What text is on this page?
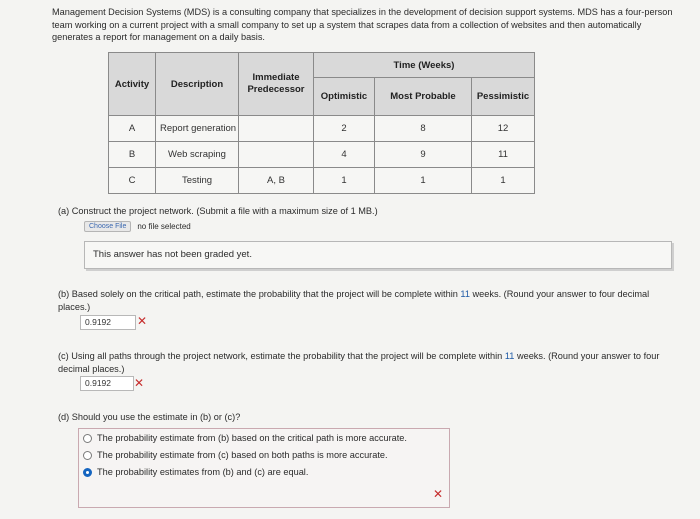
Management Decision Systems (MDS) is a consulting company that specializes in the development of decision support systems. MDS has a four-person team working on a current project with a small company to set up a system that scrapes data from a collection of websites and then automatically generates a report for management on a daily basis.
Activity	Description	Immediate Predecessor	Time (Weeks)		
			Optimistic	Most Probable	Pessimistic
A	Report generation		2	8	12
B	Web scraping		4	9	11
C	Testing	A, B	1	1	1
(a) Construct the project network. (Submit a file with a maximum size of 1 MB.)
Choose File	no file selected
This answer has not been graded yet.
(b) Based solely on the critical path, estimate the probability that the project will be complete within 11 weeks. (Round your answer to four decimal places.)
0.9192	✕
(c) Using all paths through the project network, estimate the probability that the project will be complete within 11 weeks. (Round your answer to four decimal places.)
0.9192	✕
(d) Should you use the estimate in (b) or (c)?
The probability estimate from (b) based on the critical path is more accurate.
The probability estimate from (c) based on both paths is more accurate.
The probability estimates from (b) and (c) are equal.
✕
